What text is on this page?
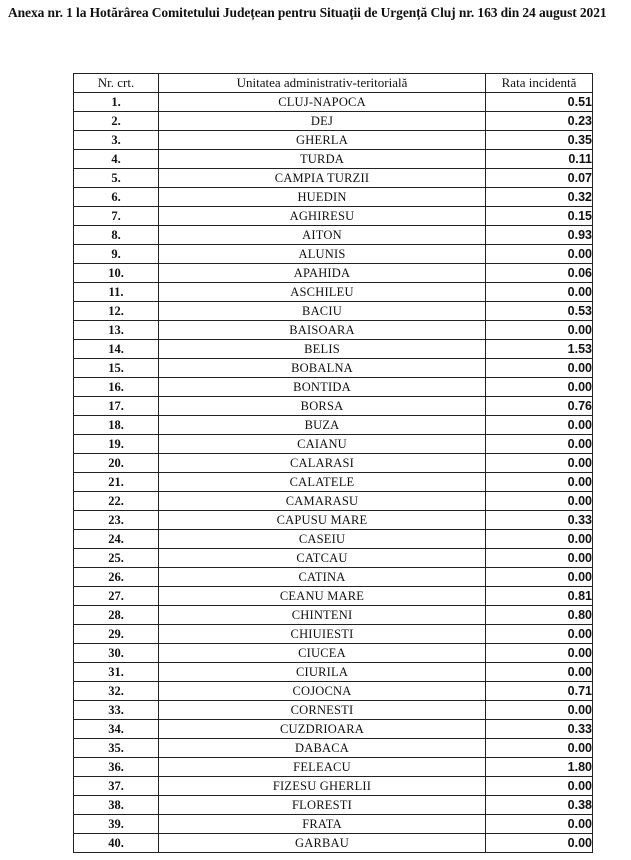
Anexa nr. 1 la Hotărârea Comitetului Județean pentru Situații de Urgență Cluj nr. 163 din 24 august 2021
Nr. crt.	Unitatea administrativ-teritorială	Rata incidentă
1.	CLUJ-NAPOCA	0.51
2.	DEJ	0.23
3.	GHERLA	0.35
4.	TURDA	0.11
5.	CAMPIA TURZII	0.07
6.	HUEDIN	0.32
7.	AGHIRESU	0.15
8.	AITON	0.93
9.	ALUNIS	0.00
10.	APAHIDA	0.06
11.	ASCHILEU	0.00
12.	BACIU	0.53
13.	BAISOARA	0.00
14.	BELIS	1.53
15.	BOBALNA	0.00
16.	BONTIDA	0.00
17.	BORSA	0.76
18.	BUZA	0.00
19.	CAIANU	0.00
20.	CALARASI	0.00
21.	CALATELE	0.00
22.	CAMARASU	0.00
23.	CAPUSU MARE	0.33
24.	CASEIU	0.00
25.	CATCAU	0.00
26.	CATINA	0.00
27.	CEANU MARE	0.81
28.	CHINTENI	0.80
29.	CHIUIESTI	0.00
30.	CIUCEA	0.00
31.	CIURILA	0.00
32.	COJOCNA	0.71
33.	CORNESTI	0.00
34.	CUZDRIOARA	0.33
35.	DABACA	0.00
36.	FELEACU	1.80
37.	FIZESU GHERLII	0.00
38.	FLORESTI	0.38
39.	FRATA	0.00
40.	GARBAU	0.00
